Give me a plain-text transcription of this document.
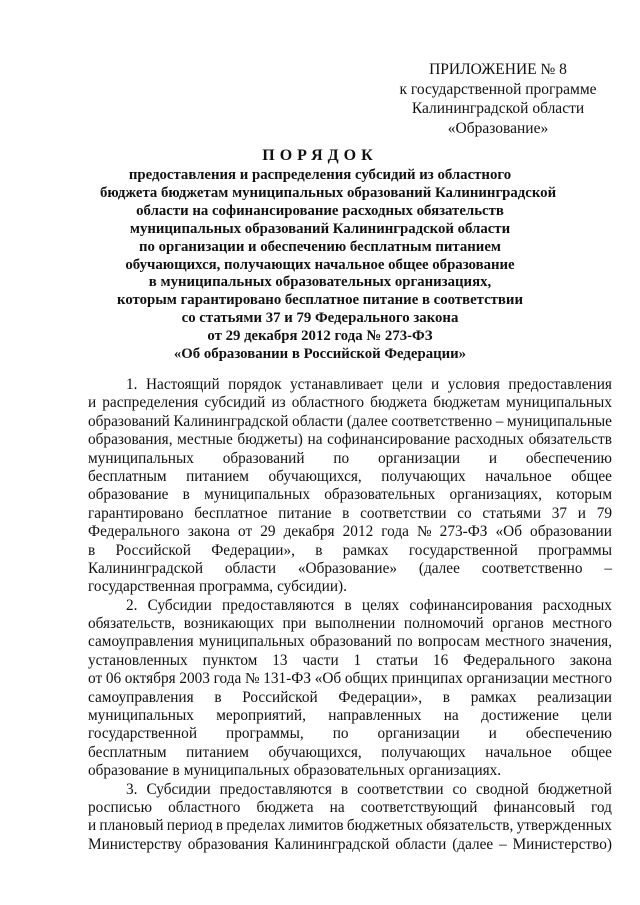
ПРИЛОЖЕНИЕ № 8
к государственной программе
Калининградской области
«Образование»
ПОРЯДОК
предоставления и распределения субсидий из областного
бюджета бюджетам муниципальных образований Калининградской
области на софинансирование расходных обязательств
муниципальных образований Калининградской области
по организации и обеспечению бесплатным питанием
обучающихся, получающих начальное общее образование
в муниципальных образовательных организациях,
которым гарантировано бесплатное питание в соответствии
со статьями 37 и 79 Федерального закона
от 29 декабря 2012 года № 273-ФЗ
«Об образовании в Российской Федерации»
1. Настоящий порядок устанавливает цели и условия предоставления
и распределения субсидий из областного бюджета бюджетам муниципальных
образований Калининградской области (далее соответственно – муниципальные
образования, местные бюджеты) на софинансирование расходных обязательств
муниципальных образований по организации и обеспечению
бесплатным питанием обучающихся, получающих начальное общее
образование в муниципальных образовательных организациях, которым
гарантировано бесплатное питание в соответствии со статьями 37 и 79
Федерального закона от 29 декабря 2012 года № 273-ФЗ «Об образовании
в Российской Федерации», в рамках государственной программы
Калининградской области «Образование» (далее соответственно –
государственная программа, субсидии).
2. Субсидии предоставляются в целях софинансирования расходных
обязательств, возникающих при выполнении полномочий органов местного
самоуправления муниципальных образований по вопросам местного значения,
установленных пунктом 13 части 1 статьи 16 Федерального закона
от 06 октября 2003 года № 131-ФЗ «Об общих принципах организации местного
самоуправления в Российской Федерации», в рамках реализации
муниципальных мероприятий, направленных на достижение цели
государственной программы, по организации и обеспечению
бесплатным питанием обучающихся, получающих начальное общее
образование в муниципальных образовательных организациях.
3. Субсидии предоставляются в соответствии со сводной бюджетной
росписью областного бюджета на соответствующий финансовый год
и плановый период в пределах лимитов бюджетных обязательств, утвержденных
Министерству образования Калининградской области (далее – Министерство)
